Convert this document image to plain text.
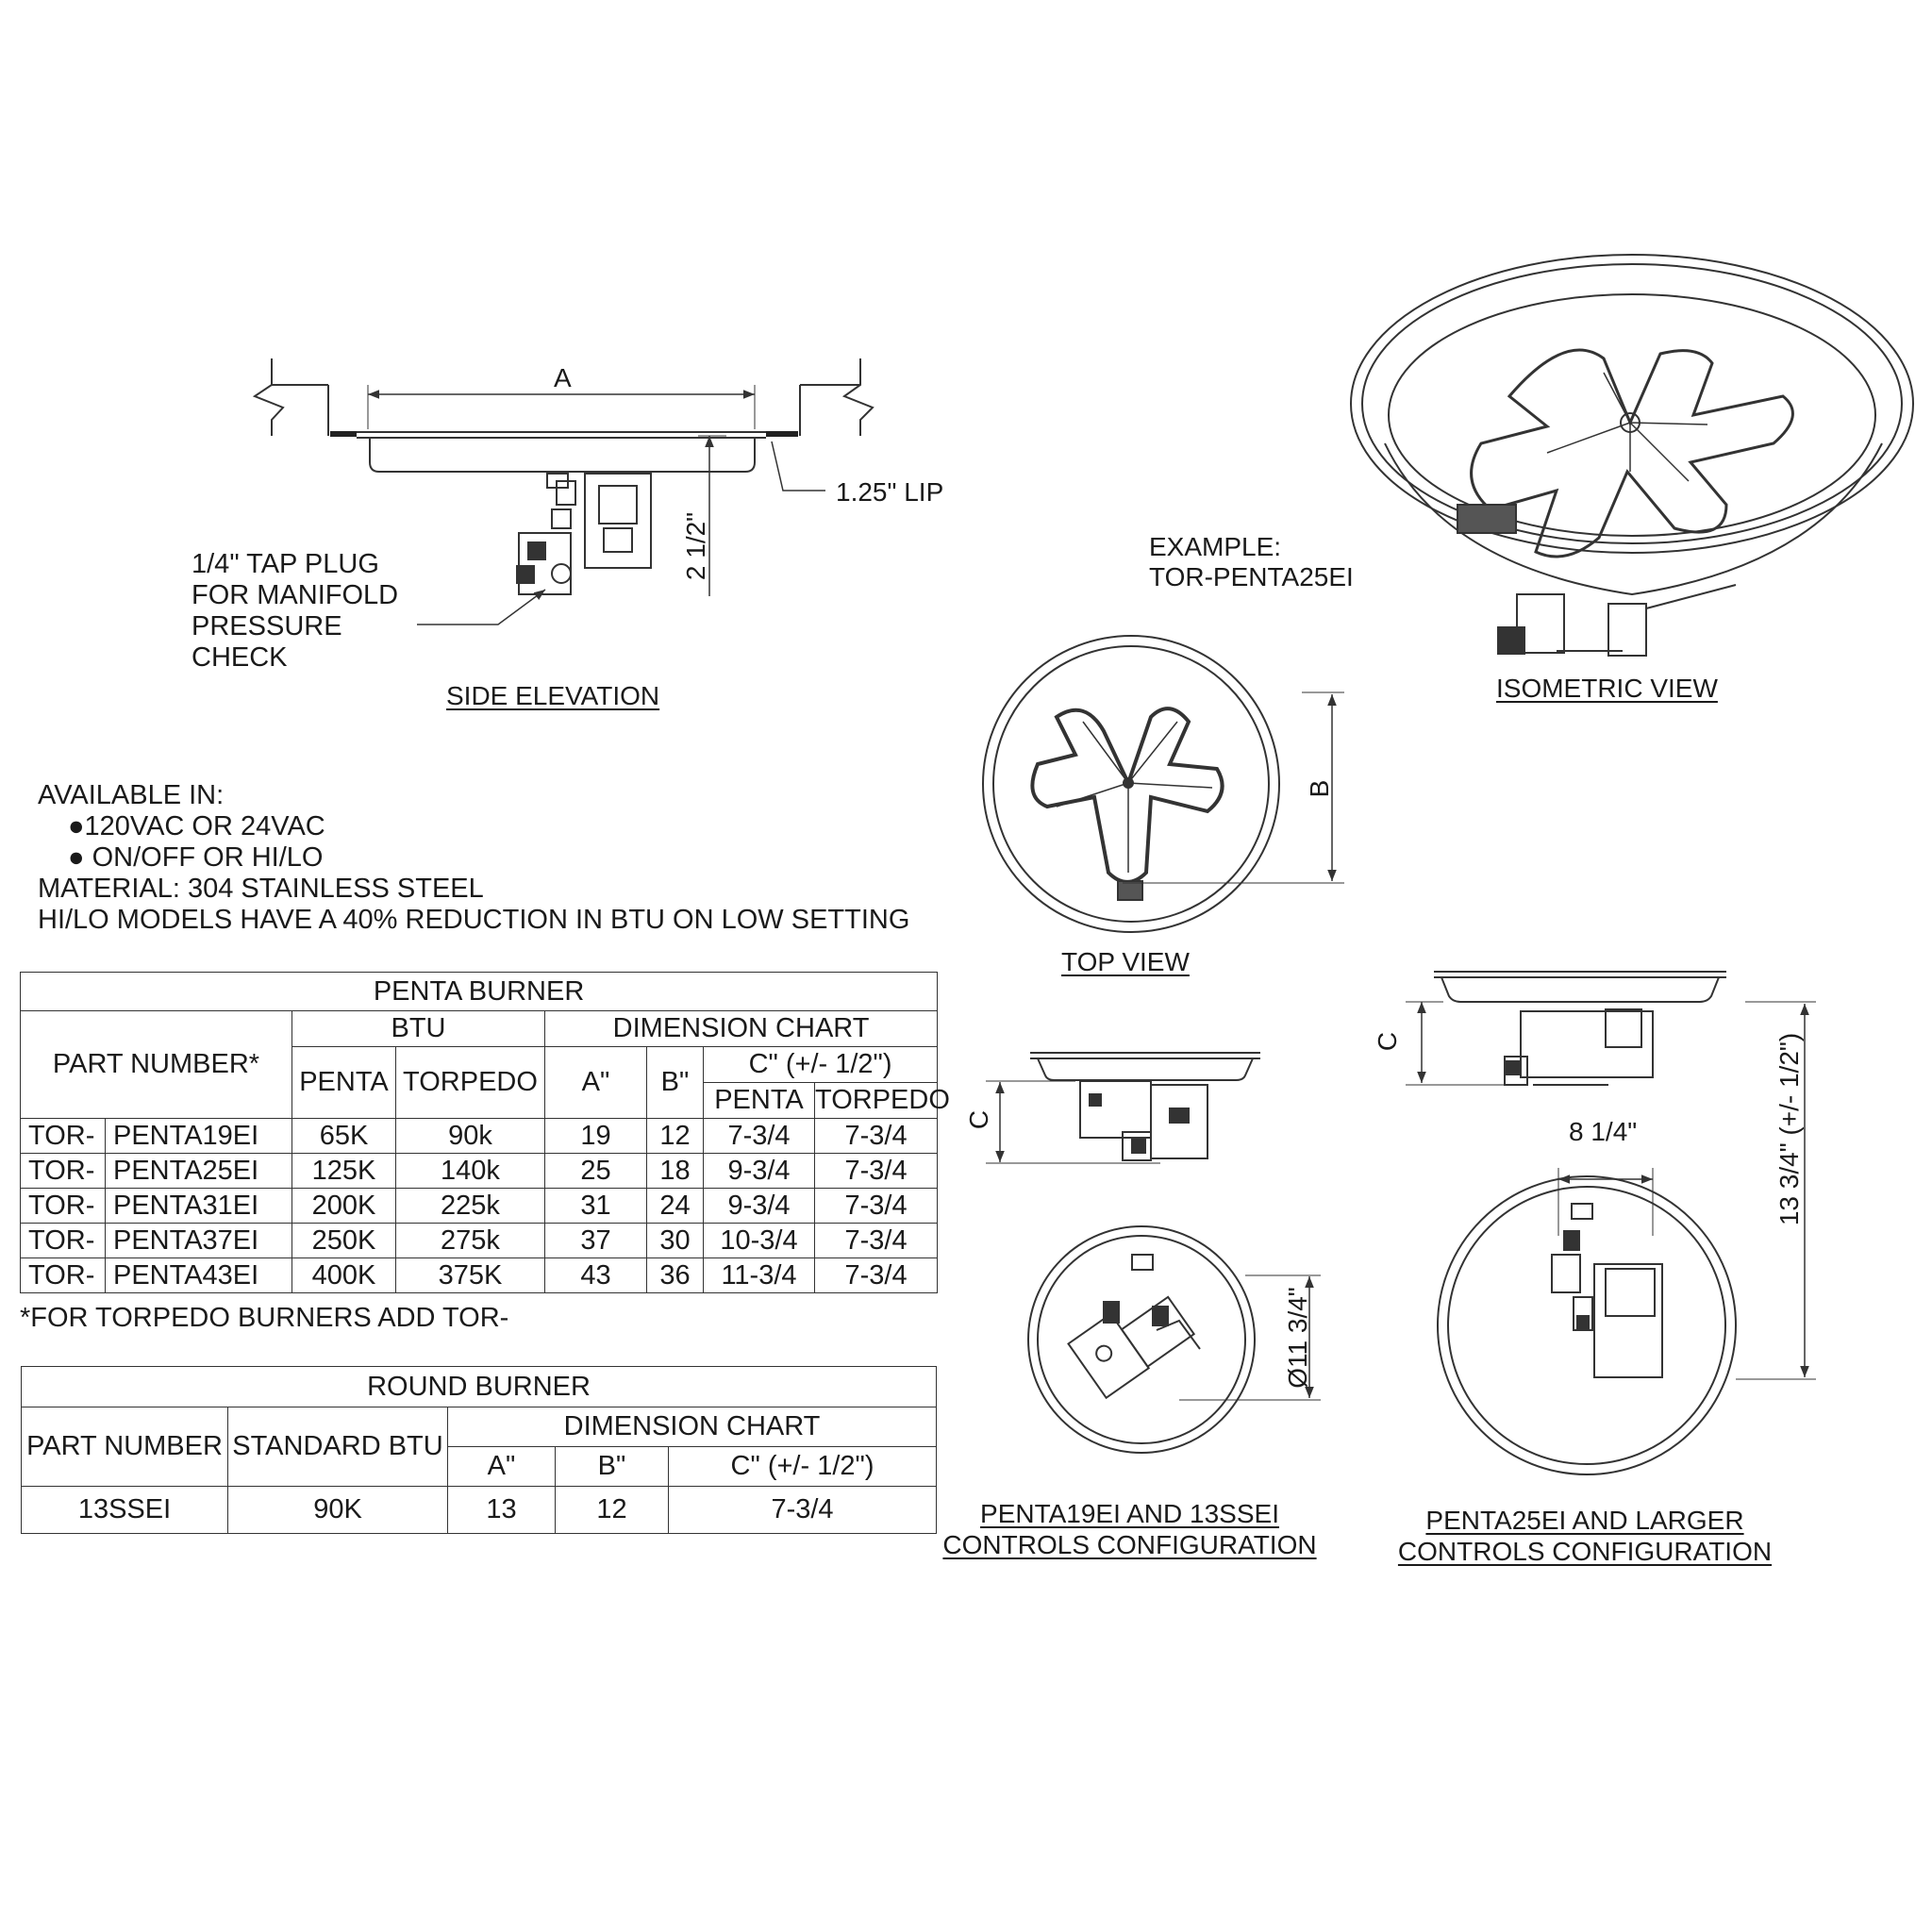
A
1.25" LIP
2 1/2"
1/4" TAP PLUG
FOR MANIFOLD
PRESSURE
CHECK
SIDE ELEVATION
EXAMPLE:
TOR-PENTA25EI
ISOMETRIC VIEW
B
TOP VIEW
AVAILABLE IN:
●120VAC OR 24VAC
● ON/OFF OR HI/LO
MATERIAL: 304 STAINLESS STEEL
HI/LO MODELS HAVE A 40% REDUCTION IN BTU ON LOW SETTING
PENTA BURNER							
PART NUMBER*		BTU		DIMENSION CHART			
		PENTA	TORPEDO	A"	B"	C" (+/- 1/2")	
						PENTA	TORPEDO
TOR-	PENTA19EI	65K	90k	19	12	7-3/4	7-3/4
TOR-	PENTA25EI	125K	140k	25	18	9-3/4	7-3/4
TOR-	PENTA31EI	200K	225k	31	24	9-3/4	7-3/4
TOR-	PENTA37EI	250K	275k	37	30	10-3/4	7-3/4
TOR-	PENTA43EI	400K	375K	43	36	11-3/4	7-3/4
*FOR TORPEDO BURNERS ADD TOR-
ROUND BURNER				
PART NUMBER	STANDARD BTU	DIMENSION CHART		
		A"	B"	C" (+/- 1/2")
13SSEI	90K	13	12	7-3/4
C
Ø11 3/4"
PENTA19EI AND 13SSEI
CONTROLS CONFIGURATION
C
8 1/4"	13 3/4" (+/- 1/2")
PENTA25EI AND LARGER
CONTROLS CONFIGURATION
